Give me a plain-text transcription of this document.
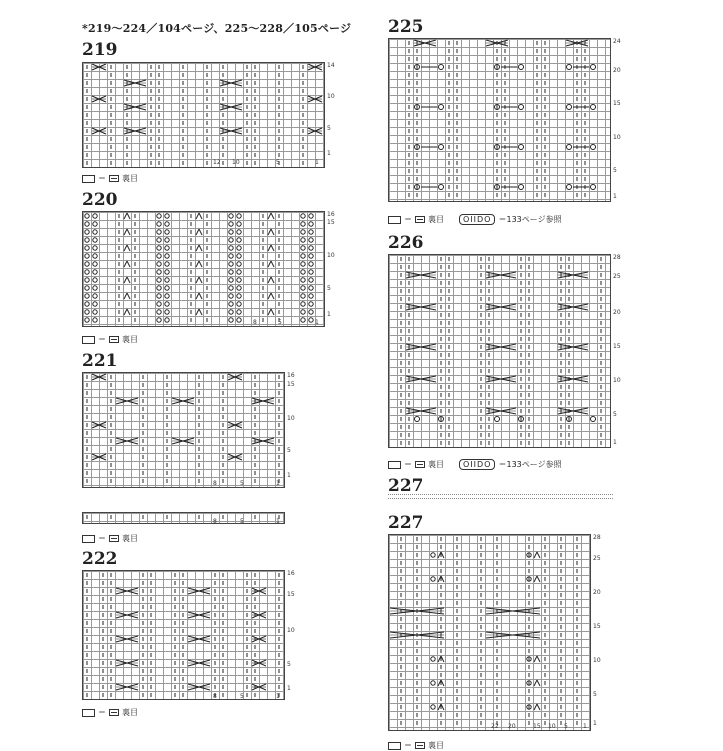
*219〜224／104ページ、225〜228／105ページ
219
14
10
5
1
12 10	5	1
＝ 裏目
220
16
15
10
5
1
8	5	1
＝ 裏目
221
16
15
10
5
1
8	5	1
8	5	1
＝ 裏目
222
16
15
10
5
1
8	5	1
＝ 裏目
225
24
20
15
10
5
1
＝ 裏目	OIIDO ＝133ページ参照
226
28
25
20
15
10
5
1
＝ 裏目	OIIDO ＝133ページ参照
227
227
28
25
20
15
10
5
1
22 20	15 10 5	1
＝ 裏目
